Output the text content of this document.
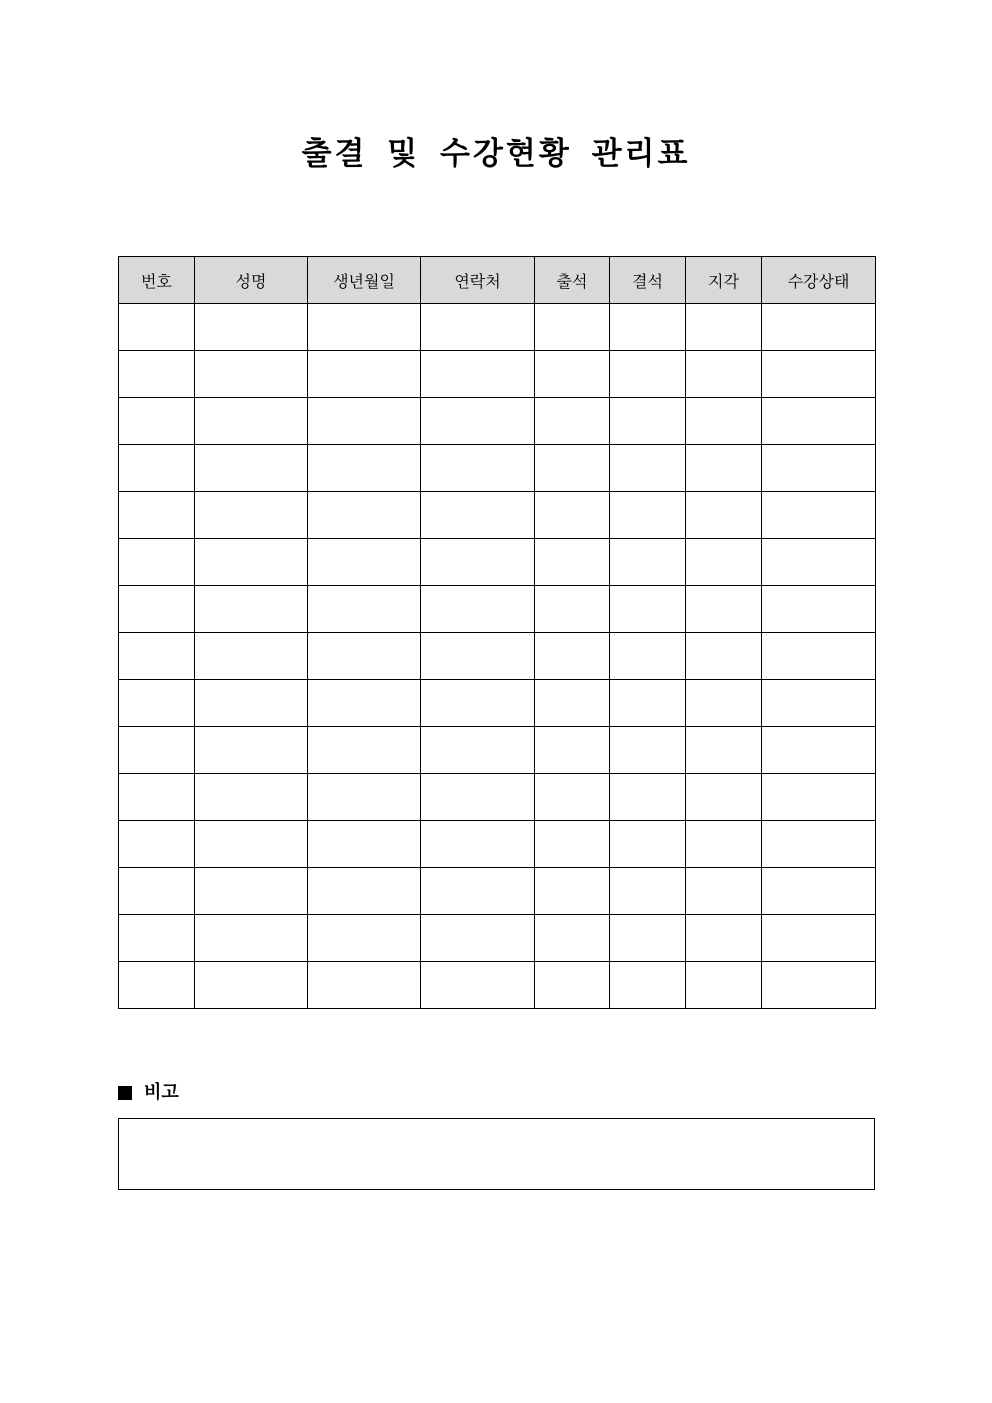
출결 및 수강현황 관리표
번호	성명	생년월일	연락처	출석	결석	지각	수강상태

비고
